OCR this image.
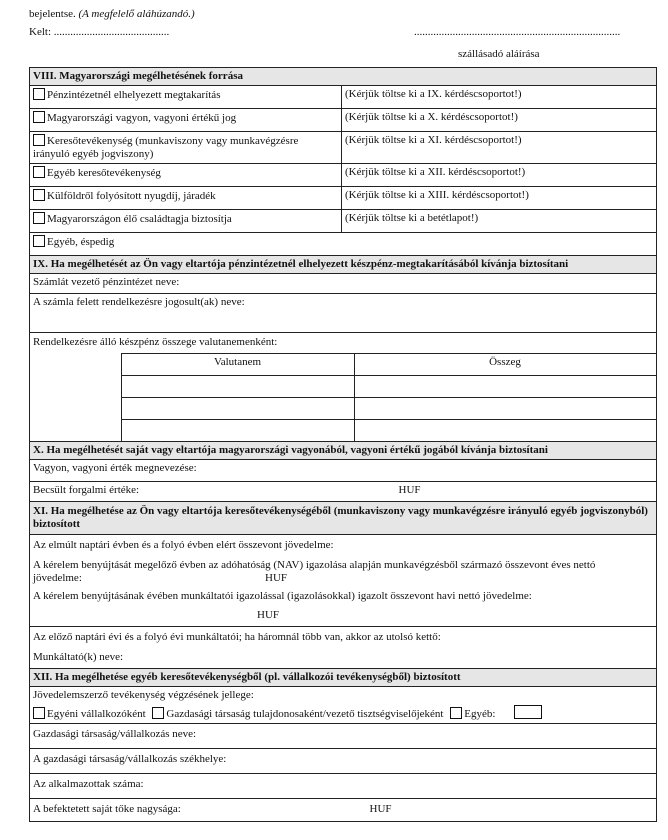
bejelentse. (A megfelelő aláhúzandó.)
Kelt: ..........................................	...........................................................................
szállásadó aláírása
VIII. Magyarországi megélhetésének forrása
Pénzintézetnél elhelyezett megtakarítás	(Kérjük töltse ki a IX. kérdéscsoportot!)
Magyarországi vagyon, vagyoni értékű jog	(Kérjük töltse ki a X. kérdéscsoportot!)
Keresőtevékenység (munkaviszony vagy munkavégzésre irányuló egyéb jogviszony)	(Kérjük töltse ki a XI. kérdéscsoportot!)
Egyéb keresőtevékenység	(Kérjük töltse ki a XII. kérdéscsoportot!)
Külföldről folyósított nyugdíj, járadék	(Kérjük töltse ki a XIII. kérdéscsoportot!)
Magyarországon élő családtagja biztosítja	(Kérjük töltse ki a betétlapot!)
Egyéb, éspedig
IX. Ha megélhetését az Ön vagy eltartója pénzintézetnél elhelyezett készpénz-megtakarításából kívánja biztosítani
Számlát vezető pénzintézet neve:
A számla felett rendelkezésre jogosult(ak) neve:

Rendelkezésre álló készpénz összege valutanemenként:
Valutanem	Összeg

X. Ha megélhetését saját vagy eltartója magyarországi vagyonából, vagyoni értékű jogából kívánja biztosítani
Vagyon, vagyoni érték megnevezése:
Becsült forgalmi értéke:	HUF

XI. Ha megélhetése az Ön vagy eltartója keresőtevékenységéből (munkaviszony vagy munkavégzésre irányuló egyéb jogviszonyból) biztosított

Az elmúlt naptári évben és a folyó évben elért összevont jövedelme:
A kérelem benyújtását megelőző évben az adóhatóság (NAV) igazolása alapján munkavégzésből származó összevont éves nettó
jövedelme:	HUF
A kérelem benyújtásának évében munkáltatói igazolással (igazolásokkal) igazolt összevont havi nettó jövedelme:
HUF

Az előző naptári évi és a folyó évi munkáltatói; ha háromnál több van, akkor az utolsó kettő:
Munkáltató(k) neve:

XII. Ha megélhetése egyéb keresőtevékenységből (pl. vállalkozói tevékenységből) biztosított

Jövedelemszerző tevékenység végzésének jellege:
Egyéni vállalkozóként Gazdasági társaság tulajdonosaként/vezető tisztségviselőjeként Egyéb:

Gazdasági társaság/vállalkozás neve:
A gazdasági társaság/vállalkozás székhelye:
Az alkalmazottak száma:
A befektetett saját tőke nagysága:	HUF
